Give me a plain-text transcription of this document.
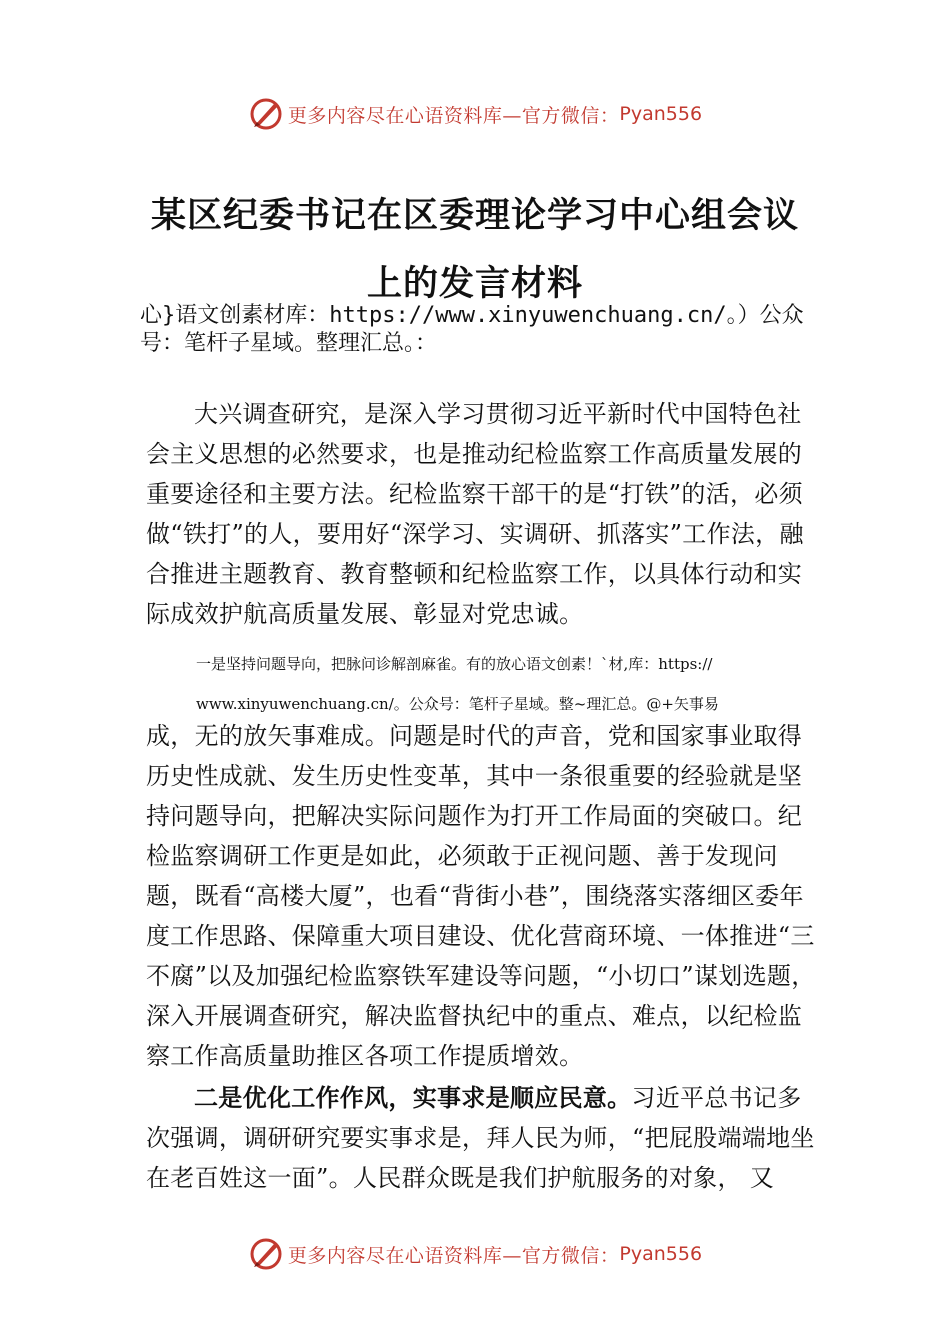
更多内容尽在心语资料库—官方微信： Pyan556
某区纪委书记在区委理论学习中心组会议
上的发言材料

心}语文创素材库：https://www.xinyuwenchuang.cn/。）公众号：笔杆子星域。整理汇总。：

大兴调查研究，是深入学习贯彻习近平新时代中国特色社会主义思想的必然要求，也是推动纪检监察工作高质量发展的重要途径和主要方法。纪检监察干部干的是“打铁”的活，必须做“铁打”的人，要用好“深学习、实调研、抓落实”工作法，融合推进主题教育、教育整顿和纪检监察工作，以具体行动和实际成效护航高质量发展、彰显对党忠诚。

一是坚持问题导向，把脉问诊解剖麻雀。有的放心语文创素！`材,库：https://

www.xinyuwenchuang.cn/。公众号：笔杆子星域。整~理汇总。@+矢事易

成，无的放矢事难成。问题是时代的声音，党和国家事业取得历史性成就、发生历史性变革，其中一条很重要的经验就是坚持问题导向，把解决实际问题作为打开工作局面的突破口。纪检监察调研工作更是如此，必须敢于正视问题、善于发现问题，既看“高楼大厦”，也看“背街小巷”，围绕落实落细区委年度工作思路、保障重大项目建设、优化营商环境、一体推进“三不腐”以及加强纪检监察铁军建设等问题，“小切口”谋划选题，深入开展调查研究，解决监督执纪中的重点、难点，以纪检监察工作高质量助推区各项工作提质增效。

二是优化工作作风，实事求是顺应民意。习近平总书记多次强调，调研研究要实事求是，拜人民为师，“把屁股端端地坐在老百姓这一面”。人民群众既是我们护航服务的对象， 又

更多内容尽在心语资料库—官方微信： Pyan556
